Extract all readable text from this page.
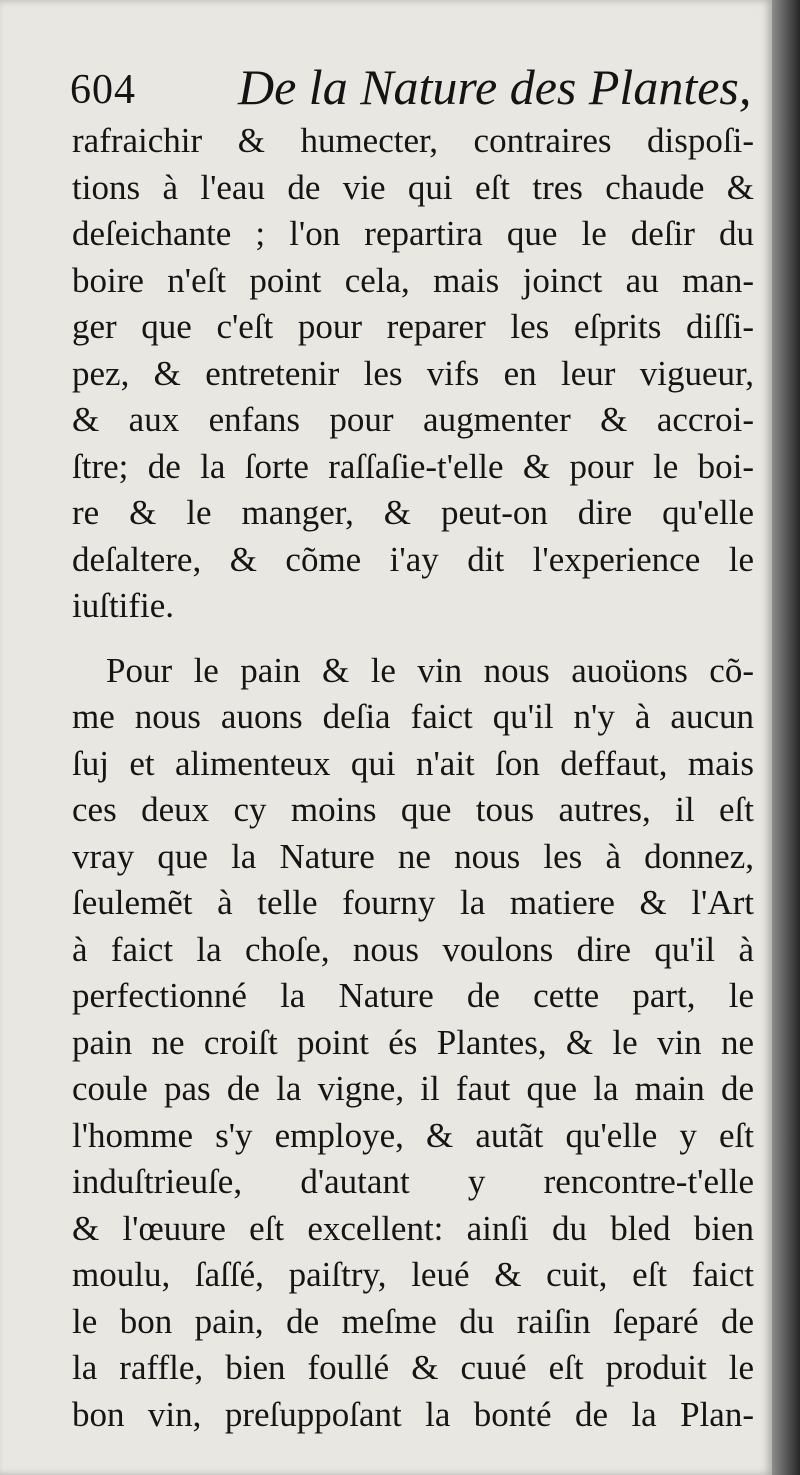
604 De la Nature des Plantes,
rafraichir & humecter, contraires dispoſi-
tions à l'eau de vie qui eſt tres chaude &
deſeichante ; l'on repartira que le deſir du
boire n'eſt point cela, mais joinct au man-
ger que c'eſt pour reparer les eſprits diſſi-
pez, & entretenir les vifs en leur vigueur,
& aux enfans pour augmenter & accroi-
ſtre; de la ſorte raſſaſie-t'elle & pour le boi-
re & le manger, & peut-on dire qu'elle
deſaltere, & cõme i'ay dit l'experience le
iuſtifie.
Pour le pain & le vin nous auoüons cõ-
me nous auons deſia faict qu'il n'y à aucun
ſuj et alimenteux qui n'ait ſon deffaut, mais
ces deux cy moins que tous autres, il eſt
vray que la Nature ne nous les à donnez,
ſeulemẽt à telle fourny la matiere & l'Art
à faict la choſe, nous voulons dire qu'il à
perfectionné la Nature de cette part, le
pain ne croiſt point és Plantes, & le vin ne
coule pas de la vigne, il faut que la main de
l'homme s'y employe, & autãt qu'elle y eſt
induſtrieuſe, d'autant y rencontre-t'elle
& l'œuure eſt excellent: ainſi du bled bien
moulu, ſaſſé, paiſtry, leué & cuit, eſt faict
le bon pain, de meſme du raiſin ſeparé de
la raffle, bien foullé & cuué eſt produit le
bon vin, preſuppoſant la bonté de la Plan-
